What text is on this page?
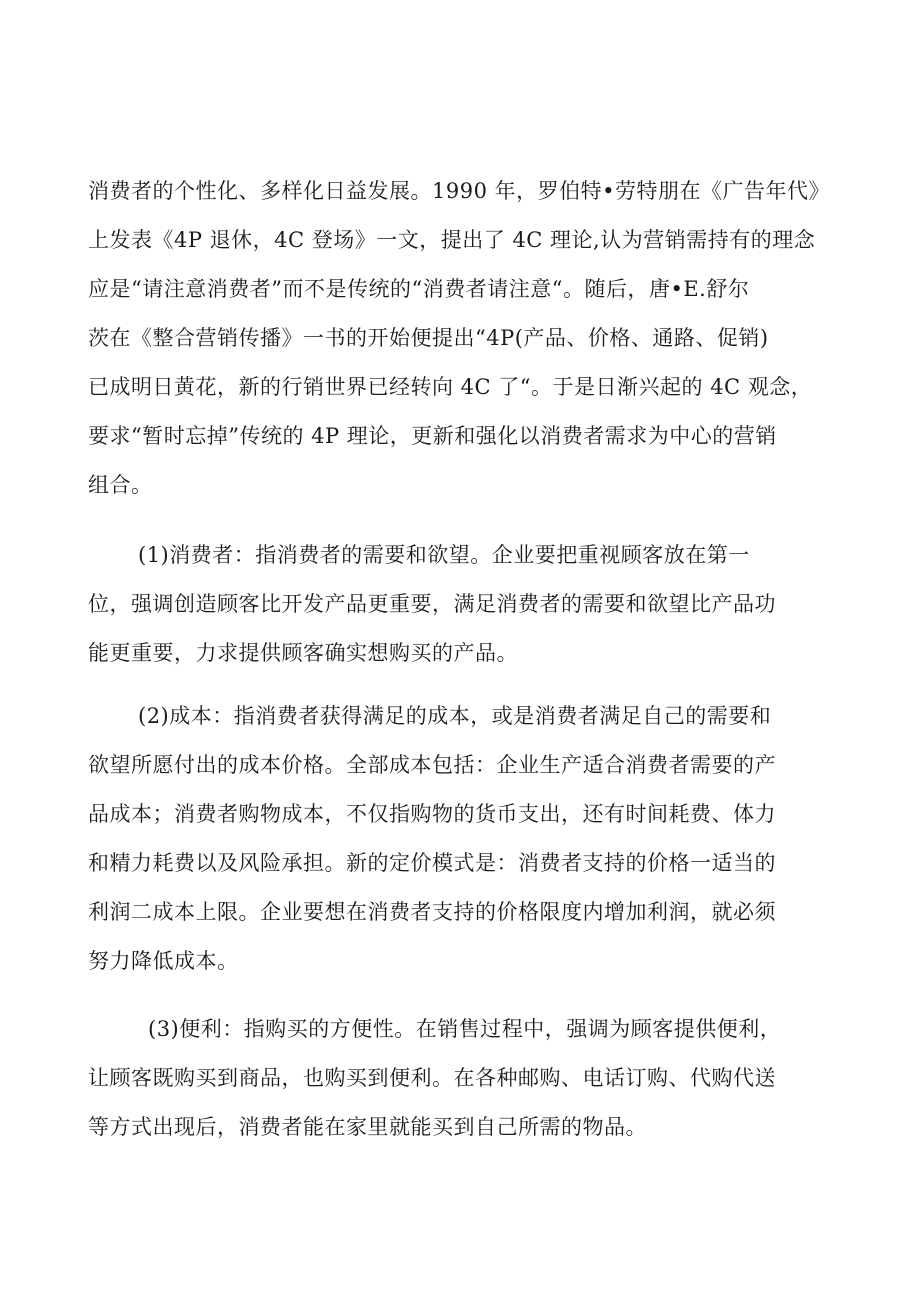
消费者的个性化、多样化日益发展。1990 年，罗伯特•劳特朋在《广告年代》
上发表《4P 退休，4C 登场》一文，提出了 4C 理论,认为营销需持有的理念
应是“请注意消费者”而不是传统的“消费者请注意“。随后，唐•E.舒尔
茨在《整合营销传播》一书的开始便提出“4P(产品、价格、通路、促销)
已成明日黄花，新的行销世界已经转向 4C 了“。于是日渐兴起的 4C 观念，
要求“暂时忘掉”传统的 4P 理论，更新和强化以消费者需求为中心的营销
组合。
(1)消费者：指消费者的需要和欲望。企业要把重视顾客放在第一
位，强调创造顾客比开发产品更重要，满足消费者的需要和欲望比产品功
能更重要，力求提供顾客确实想购买的产品。
(2)成本：指消费者获得满足的成本，或是消费者满足自己的需要和
欲望所愿付出的成本价格。全部成本包括：企业生产适合消费者需要的产
品成本；消费者购物成本，不仅指购物的货币支出，还有时间耗费、体力
和精力耗费以及风险承担。新的定价模式是：消费者支持的价格一适当的
利润二成本上限。企业要想在消费者支持的价格限度内增加利润，就必须
努力降低成本。
(3)便利：指购买的方便性。在销售过程中，强调为顾客提供便利，
让顾客既购买到商品，也购买到便利。在各种邮购、电话订购、代购代送
等方式出现后，消费者能在家里就能买到自己所需的物品。
